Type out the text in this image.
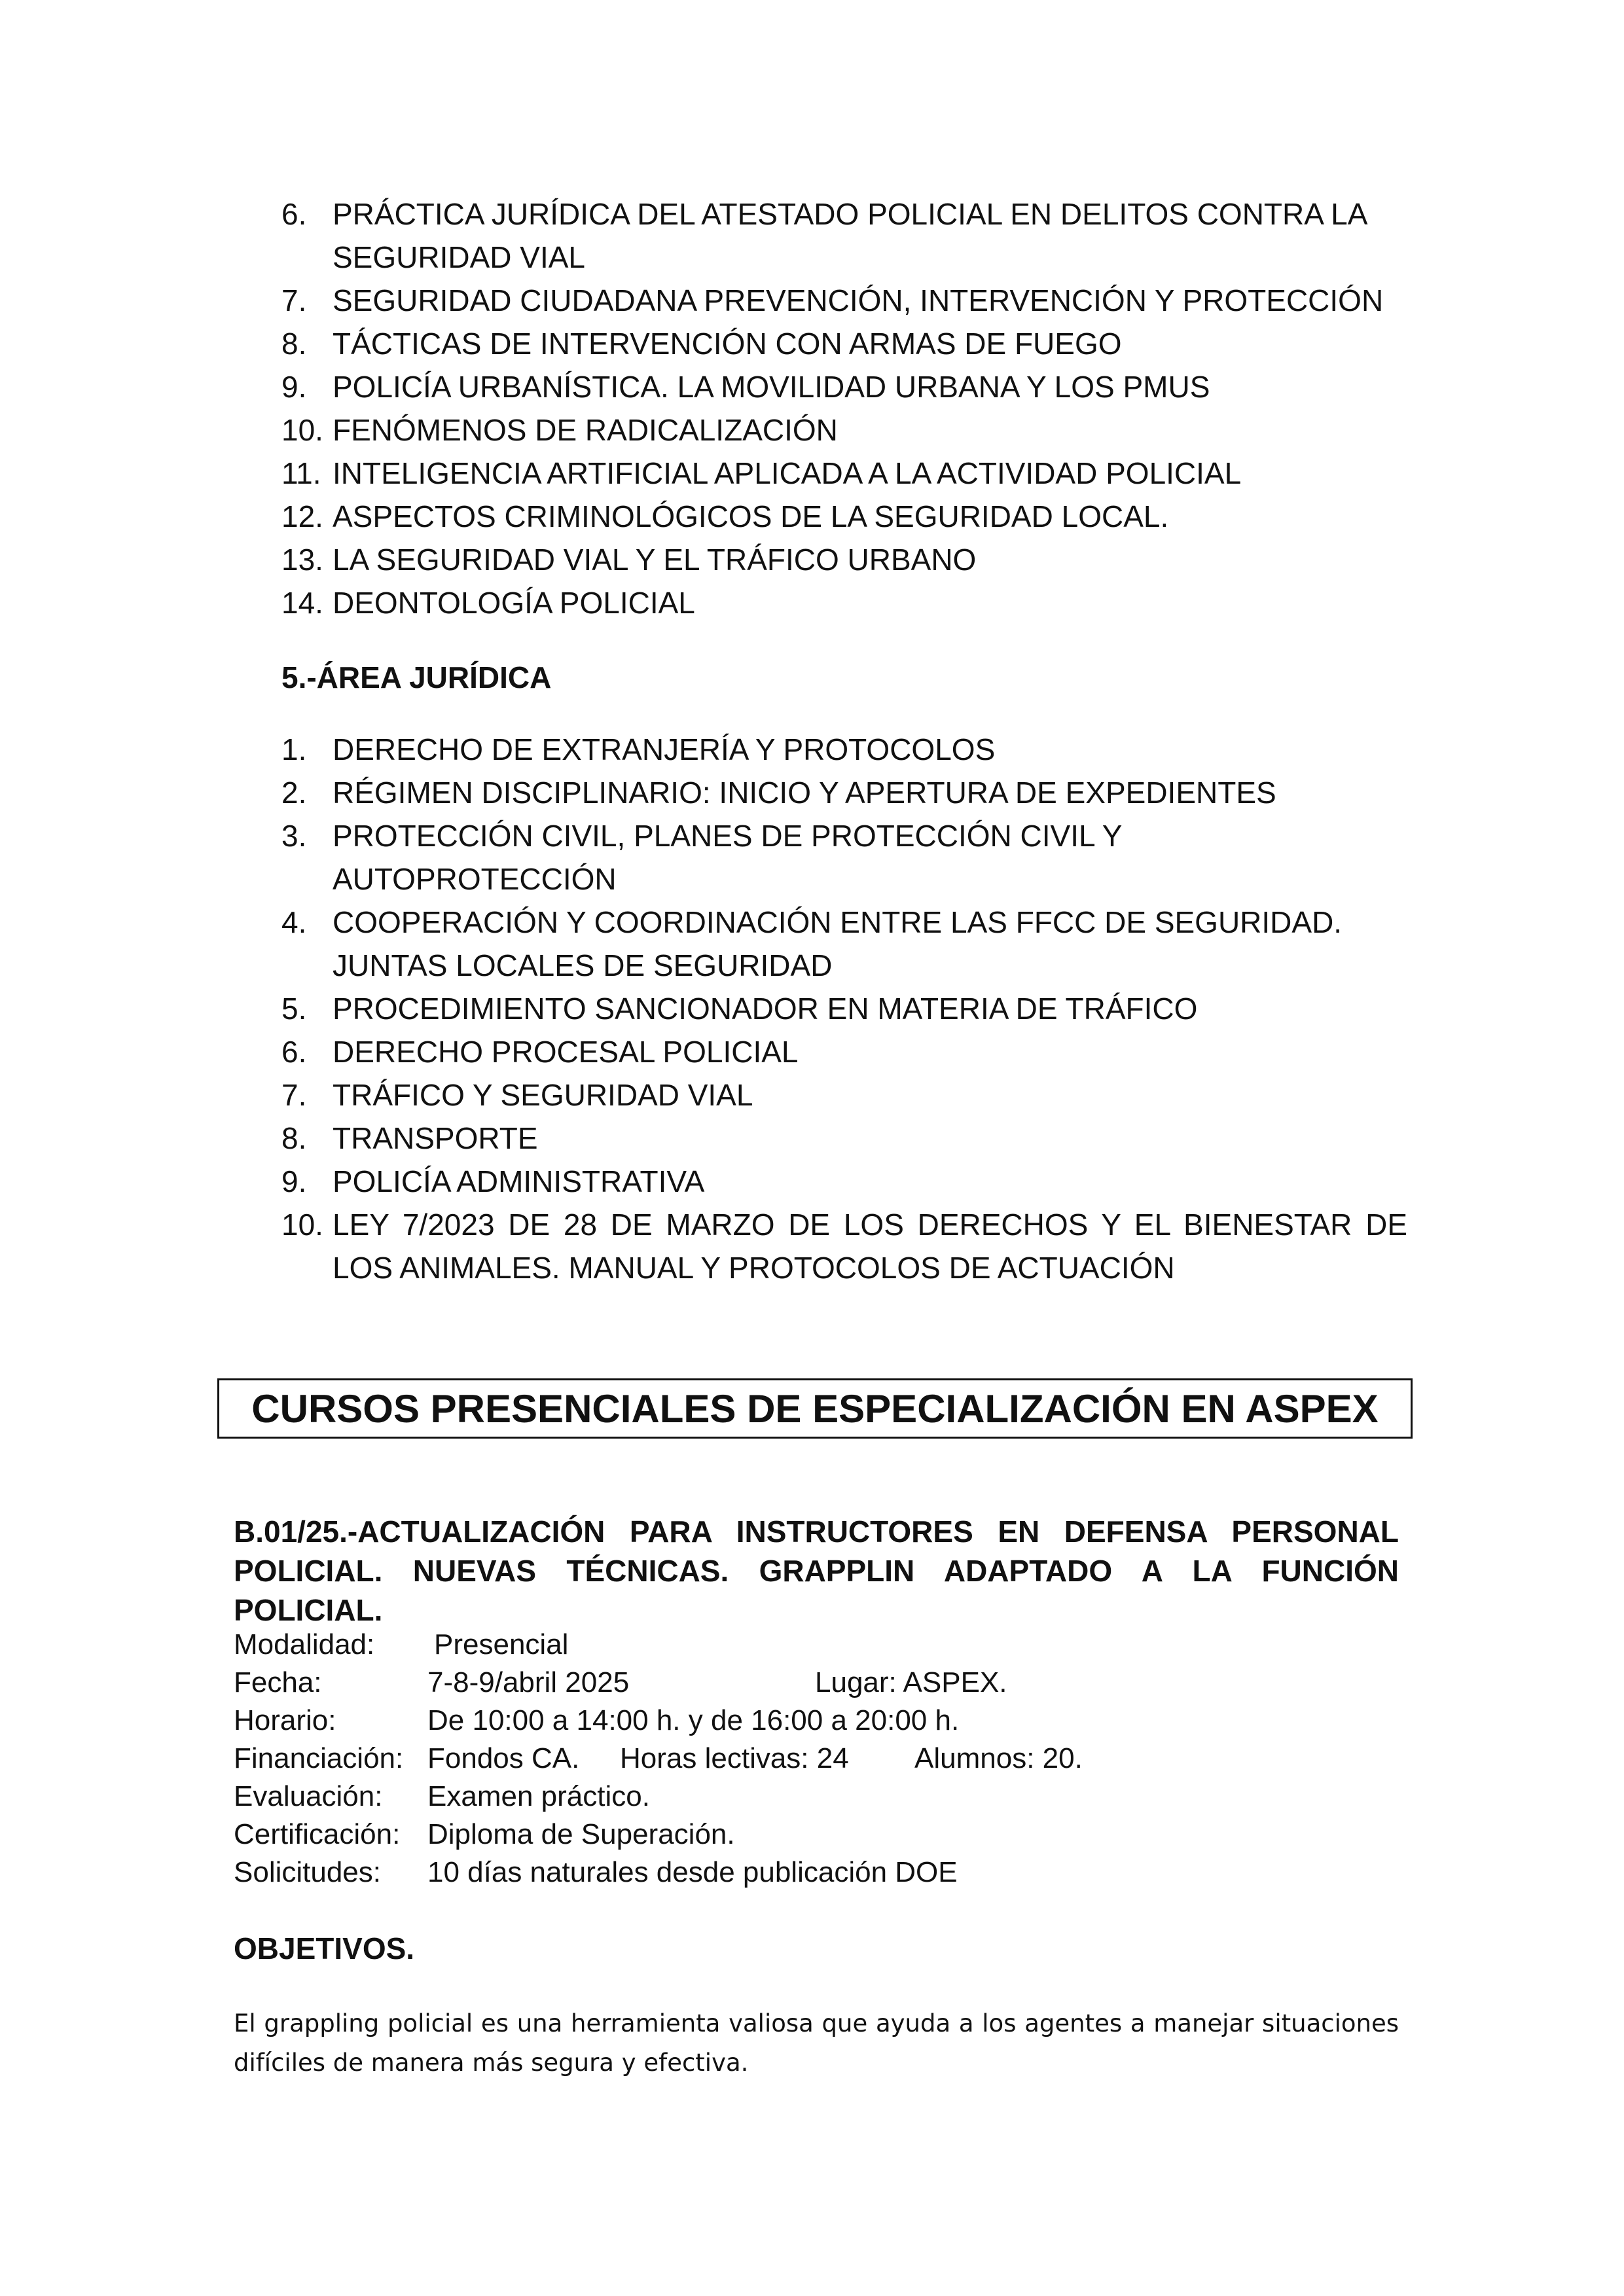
6. PRÁCTICA JURÍDICA DEL ATESTADO POLICIAL EN DELITOS CONTRA LA SEGURIDAD VIAL
7. SEGURIDAD CIUDADANA PREVENCIÓN, INTERVENCIÓN Y PROTECCIÓN
8. TÁCTICAS DE INTERVENCIÓN CON ARMAS DE FUEGO
9. POLICÍA URBANÍSTICA. LA MOVILIDAD URBANA Y LOS PMUS
10. FENÓMENOS DE RADICALIZACIÓN
11. INTELIGENCIA ARTIFICIAL APLICADA A LA ACTIVIDAD POLICIAL
12. ASPECTOS CRIMINOLÓGICOS DE LA SEGURIDAD LOCAL.
13. LA SEGURIDAD VIAL Y EL TRÁFICO URBANO
14. DEONTOLOGÍA POLICIAL
5.-ÁREA JURÍDICA
1. DERECHO DE EXTRANJERÍA Y PROTOCOLOS
2. RÉGIMEN DISCIPLINARIO: INICIO Y APERTURA DE EXPEDIENTES
3. PROTECCIÓN CIVIL, PLANES DE PROTECCIÓN CIVIL Y AUTOPROTECCIÓN
4. COOPERACIÓN Y COORDINACIÓN ENTRE LAS FFCC DE SEGURIDAD. JUNTAS LOCALES DE SEGURIDAD
5. PROCEDIMIENTO SANCIONADOR EN MATERIA DE TRÁFICO
6. DERECHO PROCESAL POLICIAL
7. TRÁFICO Y SEGURIDAD VIAL
8. TRANSPORTE
9. POLICÍA ADMINISTRATIVA
10. LEY 7/2023 DE 28 DE MARZO DE LOS DERECHOS Y EL BIENESTAR DE LOS ANIMALES. MANUAL Y PROTOCOLOS DE ACTUACIÓN
CURSOS PRESENCIALES DE ESPECIALIZACIÓN EN ASPEX
B.01/25.-ACTUALIZACIÓN PARA INSTRUCTORES EN DEFENSA PERSONAL POLICIAL. NUEVAS TÉCNICAS. GRAPPLIN ADAPTADO A LA FUNCIÓN POLICIAL.
Modalidad: Presencial
Fecha:	7-8-9/abril 2025	Lugar: ASPEX.
Horario:	De 10:00 a 14:00 h. y de 16:00 a 20:00 h.
Financiación: Fondos CA. Horas lectivas: 24 Alumnos: 20.
Evaluación: Examen práctico.
Certificación: Diploma de Superación.
Solicitudes: 10 días naturales desde publicación DOE
OBJETIVOS.

El grappling policial es una herramienta valiosa que ayuda a los agentes a manejar situaciones difíciles de manera más segura y efectiva.
